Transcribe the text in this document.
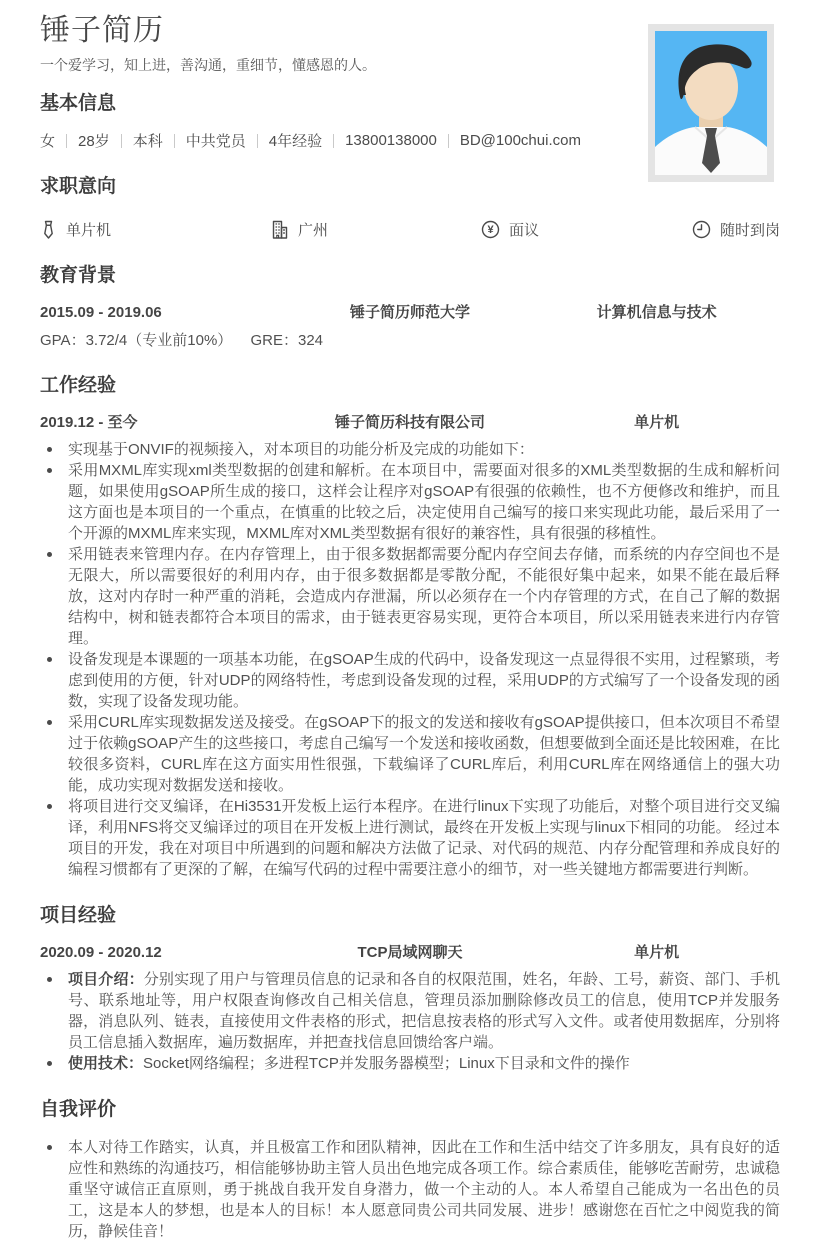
锤子简历
一个爱学习，知上进，善沟通，重细节，懂感恩的人。
基本信息
女 28岁 本科 中共党员 4年经验 13800138000 BD@100chui.com
求职意向
单片机	广州	¥ 面议	随时到岗
教育背景
2015.09 - 2019.06	锤子简历师范大学	计算机信息与技术
GPA：3.72/4（专业前10%） GRE：324
工作经验
2019.12 - 至今	锤子简历科技有限公司	单片机
实现基于ONVIF的视频接入，对本项目的功能分析及完成的功能如下：
采用MXML库实现xml类型数据的创建和解析。在本项目中，需要面对很多的XML类型数据的生成和解析问题，如果使用gSOAP所生成的接口，这样会让程序对gSOAP有很强的依赖性，也不方便修改和维护，而且这方面也是本项目的一个重点，在慎重的比较之后，决定使用自己编写的接口来实现此功能，最后采用了一个开源的MXML库来实现，MXML库对XML类型数据有很好的兼容性，具有很强的移植性。
采用链表来管理内存。在内存管理上，由于很多数据都需要分配内存空间去存储，而系统的内存空间也不是无限大，所以需要很好的利用内存，由于很多数据都是零散分配，不能很好集中起来，如果不能在最后释放，这对内存时一种严重的消耗，会造成内存泄漏，所以必须存在一个内存管理的方式，在自己了解的数据结构中，树和链表都符合本项目的需求，由于链表更容易实现，更符合本项目，所以采用链表来进行内存管理。
设备发现是本课题的一项基本功能，在gSOAP生成的代码中，设备发现这一点显得很不实用，过程繁琐，考虑到使用的方便，针对UDP的网络特性，考虑到设备发现的过程，采用UDP的方式编写了一个设备发现的函数，实现了设备发现功能。
采用CURL库实现数据发送及接受。在gSOAP下的报文的发送和接收有gSOAP提供接口，但本次项目不希望过于依赖gSOAP产生的这些接口，考虑自己编写一个发送和接收函数，但想要做到全面还是比较困难，在比较很多资料，CURL库在这方面实用性很强，下载编译了CURL库后，利用CURL库在网络通信上的强大功能，成功实现对数据发送和接收。
将项目进行交叉编译，在Hi3531开发板上运行本程序。在进行linux下实现了功能后，对整个项目进行交叉编译，利用NFS将交叉编译过的项目在开发板上进行测试，最终在开发板上实现与linux下相同的功能。 经过本项目的开发，我在对项目中所遇到的问题和解决方法做了记录、对代码的规范、内存分配管理和养成良好的编程习惯都有了更深的了解，在编写代码的过程中需要注意小的细节，对一些关键地方都需要进行判断。
项目经验
2020.09 - 2020.12	TCP局域网聊天	单片机
项目介绍：分别实现了用户与管理员信息的记录和各自的权限范围，姓名，年龄、工号，薪资、部门、手机号、联系地址等，用户权限查询修改自己相关信息，管理员添加删除修改员工的信息，使用TCP并发服务器，消息队列、链表，直接使用文件表格的形式，把信息按表格的形式写入文件。或者使用数据库，分别将员工信息插入数据库，遍历数据库，并把查找信息回馈给客户端。
使用技术：Socket网络编程；多进程TCP并发服务器模型；Linux下目录和文件的操作
自我评价
本人对待工作踏实，认真，并且极富工作和团队精神，因此在工作和生活中结交了许多朋友，具有良好的适应性和熟练的沟通技巧，相信能够协助主管人员出色地完成各项工作。综合素质佳，能够吃苦耐劳，忠诚稳重坚守诚信正直原则，勇于挑战自我开发自身潜力，做一个主动的人。本人希望自己能成为一名出色的员工，这是本人的梦想，也是本人的目标！本人愿意同贵公司共同发展、进步！感谢您在百忙之中阅览我的简历，静候佳音！
